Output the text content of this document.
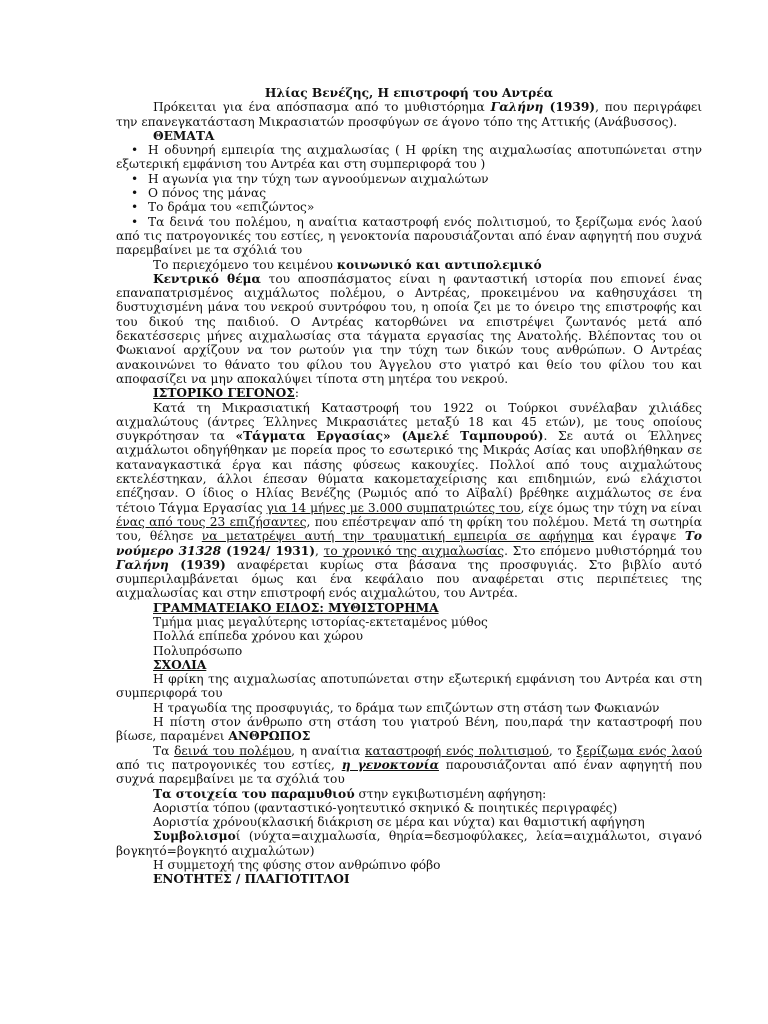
Ηλίας Βενέζης, Η επιστροφή του Αντρέα

Πρόκειται για ένα απόσπασμα από το μυθιστόρημα Γαλήνη (1939), που περιγράφει την επανεγκατάσταση Μικρασιατών προσφύγων σε άγονο τόπο της Αττικής (Ανάβυσσος).

ΘΕΜΑΤΑ

• Η οδυνηρή εμπειρία της αιχμαλωσίας ( Η φρίκη της αιχμαλωσίας αποτυπώνεται στην εξωτερική εμφάνιση του Αντρέα και στη συμπεριφορά του )
• Η αγωνία για την τύχη των αγνοούμενων αιχμαλώτων
• Ο πόνος της μάνας
• Το δράμα του «επιζώντος»
• Τα δεινά του πολέμου, η αναίτια καταστροφή ενός πολιτισμού, το ξερίζωμα ενός λαού από τις πατρογονικές του εστίες, η γενοκτονία παρουσιάζονται από έναν αφηγητή που συχνά παρεμβαίνει με τα σχόλιά του

Το περιεχόμενο του κειμένου κοινωνικό και αντιπολεμικό

Κεντρικό θέμα του αποσπάσματος είναι η φανταστική ιστορία που επιονεί ένας επαναπατρισμένος αιχμάλωτος πολέμου, ο Αντρέας, προκειμένου να καθησυχάσει τη δυστυχισμένη μάνα του νεκρού συντρόφου του, η οποία ζει με το όνειρο της επιστροφής και του δικού της παιδιού. Ο Αντρέας κατορθώνει να επιστρέψει ζωντανός μετά από δεκατέσσερις μήνες αιχμαλωσίας στα τάγματα εργασίας της Ανατολής. Βλέποντας του οι Φωκιανοί αρχίζουν να τον ρωτούν για την τύχη των δικών τους ανθρώπων. Ο Αντρέας ανακοινώνει το θάνατο του φίλου του Άγγελου στο γιατρό και θείο του φίλου του και αποφασίζει να μην αποκαλύψει τίποτα στη μητέρα του νεκρού.

ΙΣΤΟΡΙΚΟ ΓΕΓΟΝΟΣ:

Κατά τη Μικρασιατική Καταστροφή του 1922 οι Τούρκοι συνέλαβαν χιλιάδες αιχμαλώτους (άντρες Έλληνες Μικρασιάτες μεταξύ 18 και 45 ετών), με τους οποίους συγκρότησαν τα «Τάγματα Εργασίας» (Αμελέ Ταμπουρού). Σε αυτά οι Έλληνες αιχμάλωτοι οδηγήθηκαν με πορεία προς το εσωτερικό της Μικράς Ασίας και υποβλήθηκαν σε καταναγκαστικά έργα και πάσης φύσεως κακουχίες. Πολλοί από τους αιχμαλώτους εκτελέστηκαν, άλλοι έπεσαν θύματα κακομεταχείρισης και επιδημιών, ενώ ελάχιστοι επέζησαν. Ο ίδιος ο Ηλίας Βενέζης (Ρωμιός από το Αϊβαλί) βρέθηκε αιχμάλωτος σε ένα τέτοιο Τάγμα Εργασίας για 14 μήνες με 3.000 συμπατριώτες του, είχε όμως την τύχη να είναι ένας από τους 23 επιζήσαντες, που επέστρεψαν από τη φρίκη του πολέμου. Μετά τη σωτηρία του, θέλησε να μετατρέψει αυτή την τραυματική εμπειρία σε αφήγημα και έγραψε Το νούμερο 31328 (1924/ 1931), το χρονικό της αιχμαλωσίας. Στο επόμενο μυθιστόρημά του Γαλήνη (1939) αναφέρεται κυρίως στα βάσανα της προσφυγιάς. Στο βιβλίο αυτό συμπεριλαμβάνεται όμως και ένα κεφάλαιο που αναφέρεται στις περιπέτειες της αιχμαλωσίας και στην επιστροφή ενός αιχμαλώτου, του Αντρέα.

ΓΡΑΜΜΑΤΕΙΑΚΟ ΕΙΔΟΣ: ΜΥΘΙΣΤΟΡΗΜΑ

Τμήμα μιας μεγαλύτερης ιστορίας-εκτεταμένος μύθος

Πολλά επίπεδα χρόνου και χώρου

Πολυπρόσωπο

ΣΧΟΛΙΑ

Η φρίκη της αιχμαλωσίας αποτυπώνεται στην εξωτερική εμφάνιση του Αντρέα και στη συμπεριφορά του

Η τραγωδία της προσφυγιάς, το δράμα των επιζώντων στη στάση των Φωκιανών

Η πίστη στον άνθρωπο στη στάση του γιατρού Βένη, που,παρά την καταστροφή που βίωσε, παραμένει ΑΝΘΡΩΠΟΣ

Τα δεινά του πολέμου, η αναίτια καταστροφή ενός πολιτισμού, το ξερίζωμα ενός λαού από τις πατρογονικές του εστίες, η γενοκτονία παρουσιάζονται από έναν αφηγητή που συχνά παρεμβαίνει με τα σχόλιά του

Τα στοιχεία του παραμυθιού στην εγκιβωτισμένη αφήγηση:

Αοριστία τόπου (φανταστικό-γοητευτικό σκηνικό & ποιητικές περιγραφές)

Αοριστία χρόνου(κλασική διάκριση σε μέρα και νύχτα) και θαμιστική αφήγηση

Συμβολισμοί (νύχτα=αιχμαλωσία, θηρία=δεσμοφύλακες, λεία=αιχμάλωτοι, σιγανό βογκητό=βογκητό αιχμαλώτων)

Η συμμετοχή της φύσης στον ανθρώπινο φόβο

ΕΝΟΤΗΤΕΣ / ΠΛΑΓΙΟΤΙΤΛΟΙ
